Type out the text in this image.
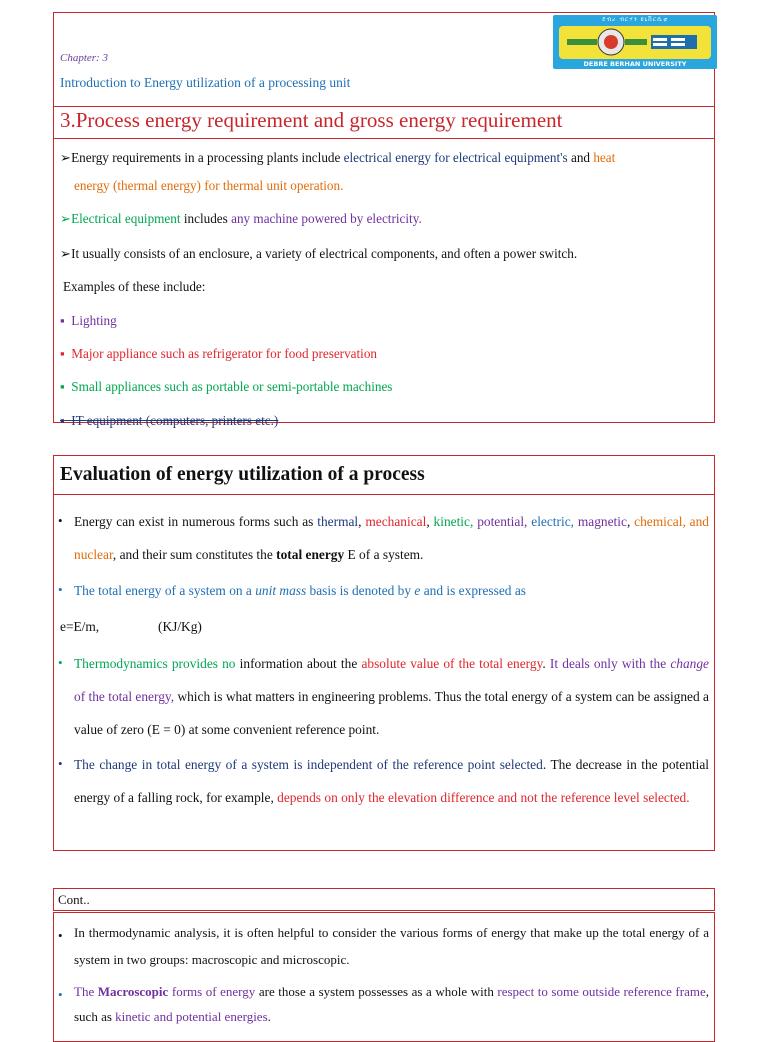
Chapter: 3
Introduction to Energy utilization of a processing unit
ደብረ ብርሃን ዩኒቨርሲቲ
DEBRE BERHAN UNIVERSITY
3.Process energy requirement and gross energy requirement
➢Energy requirements in a processing plants include electrical energy for electrical equipment's and heat
energy (thermal energy) for thermal unit operation.
➢Electrical equipment includes any machine powered by electricity.
➢It usually consists of an enclosure, a variety of electrical components, and often a power switch.
Examples of these include:
▪ Lighting
▪ Major appliance such as refrigerator for food preservation
▪ Small appliances such as portable or semi-portable machines
▪ IT equipment (computers, printers etc.)
Evaluation of energy utilization of a process
• Energy can exist in numerous forms such as thermal, mechanical, kinetic, potential, electric, magnetic, chemical, and nuclear, and their sum constitutes the total energy E of a system.
• The total energy of a system on a unit mass basis is denoted by e and is expressed as
e=E/m,	(KJ/Kg)
• Thermodynamics provides no information about the absolute value of the total energy. It deals only with the change of the total energy, which is what matters in engineering problems. Thus the total energy of a system can be assigned a value of zero (E = 0) at some convenient reference point.
• The change in total energy of a system is independent of the reference point selected. The decrease in the potential energy of a falling rock, for example, depends on only the elevation difference and not the reference level selected.
Cont..
• In thermodynamic analysis, it is often helpful to consider the various forms of energy that make up the total energy of a system in two groups: macroscopic and microscopic.
• The Macroscopic forms of energy are those a system possesses as a whole with respect to some outside reference frame, such as kinetic and potential energies.
